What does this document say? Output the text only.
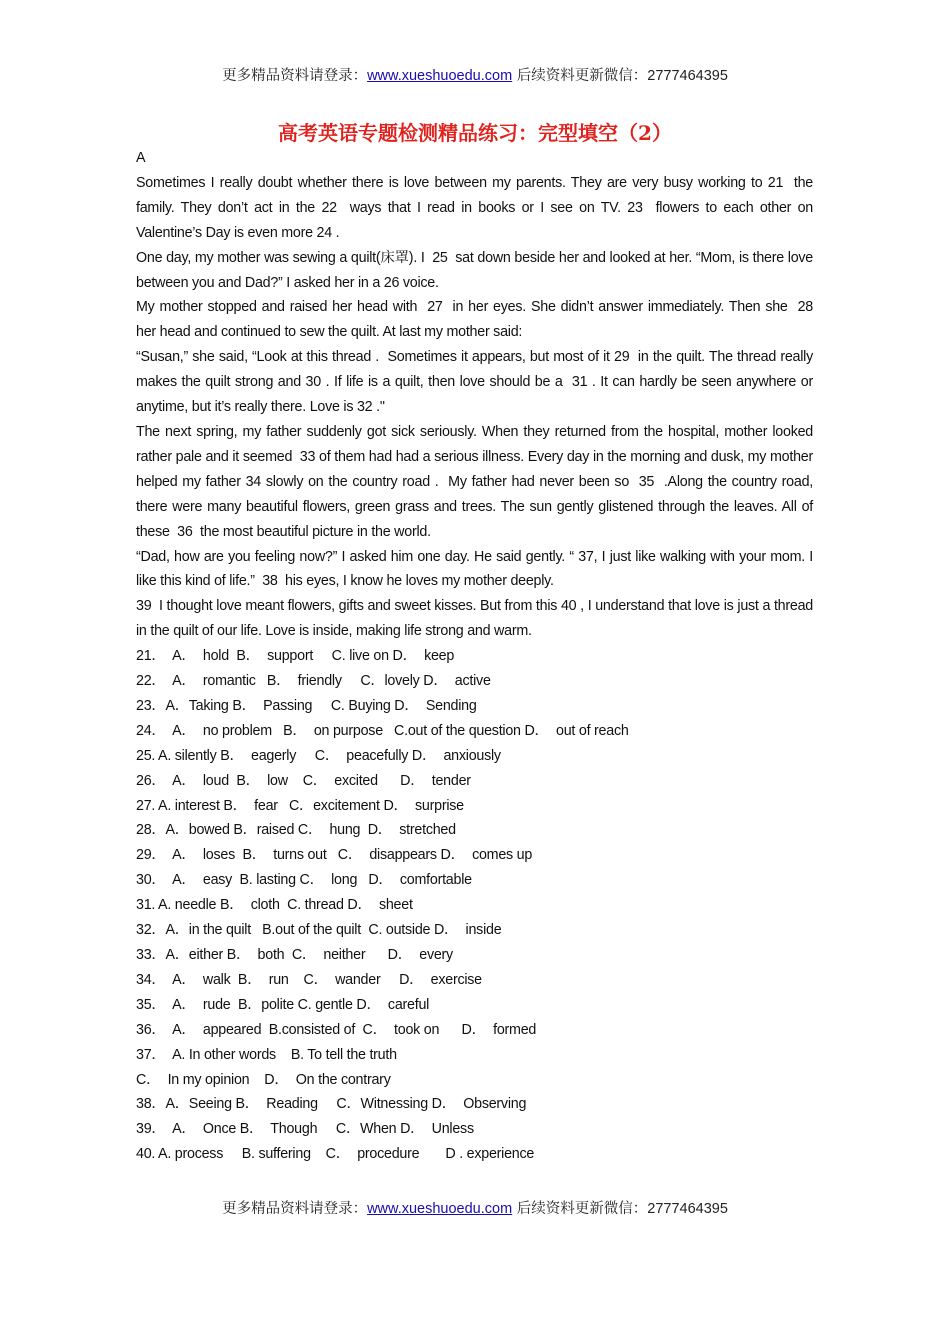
更多精品资料请登录：www.xueshuoedu.com 后续资料更新微信：2777464395
高考英语专题检测精品练习：完型填空（2）

A

Sometimes I really doubt whether there is love between my parents. They are very busy working to 21  the family. They don’t act in the 22  ways that I read in books or I see on TV. 23  flowers to each other on Valentine’s Day is even more 24 .

One day, my mother was sewing a quilt(床罩). I  25  sat down beside her and looked at her. “Mom, is there love between you and Dad?” I asked her in a 26 voice.

My mother stopped and raised her head with  27  in her eyes. She didn’t answer immediately. Then she  28  her head and continued to sew the quilt. At last my mother said:

“Susan,” she said, “Look at this thread .  Sometimes it appears, but most of it 29  in the quilt. The thread really makes the quilt strong and 30 . If life is a quilt, then love should be a  31 . It can hardly be seen anywhere or anytime, but it’s really there. Love is 32 ."

The next spring, my father suddenly got sick seriously. When they returned from the hospital, mother looked rather pale and it seemed  33 of them had had a serious illness. Every day in the morning and dusk, my mother helped my father 34 slowly on the country road .  My father had never been so  35  .Along the country road, there were many beautiful flowers, green grass and trees. The sun gently glistened through the leaves. All of these  36  the most beautiful picture in the world.

“Dad, how are you feeling now?” I asked him one day. He said gently. “ 37, I just like walking with your mom. I like this kind of life.”  38  his eyes, I know he loves my mother deeply.

39  I thought love meant flowers, gifts and sweet kisses. But from this 40 , I understand that love is just a thread in the quilt of our life. Love is inside, making life strong and warm.

21．  A．  hold  B．  support     C. live on D．  keep
22．  A．  romantic   B．  friendly     C．lovely D．  active
23．A．Taking B．  Passing     C. Buying D．  Sending
24．  A．  no problem   B．  on purpose   C.out of the question D．  out of reach
25. A. silently B．  eagerly     C．  peacefully D．  anxiously
26．  A．  loud  B．  low    C．  excited      D．  tender
27. A. interest B．  fear   C．excitement D．  surprise
28．A．bowed B．raised C．  hung  D．  stretched
29．  A．  loses  B．  turns out   C．  disappears D．  comes up
30．  A．  easy  B. lasting C．  long   D．  comfortable
31. A. needle B．  cloth  C. thread D．  sheet
32．A．in the quilt   B.out of the quilt  C. outside D．  inside
33．A．either B．  both  C．  neither      D．  every
34．  A．  walk  B．  run    C．  wander     D．  exercise
35．  A．  rude  B．polite C. gentle D．  careful
36．  A．  appeared  B.consisted of  C．  took on      D．  formed
37．  A. In other words    B. To tell the truth
C．  In my opinion    D．  On the contrary
38．A．Seeing B．  Reading     C．Witnessing D．  Observing
39．  A．  Once B．  Though     C．When D．  Unless
40. A. process     B. suffering    C．  procedure       D . experience
更多精品资料请登录：www.xueshuoedu.com 后续资料更新微信：2777464395
